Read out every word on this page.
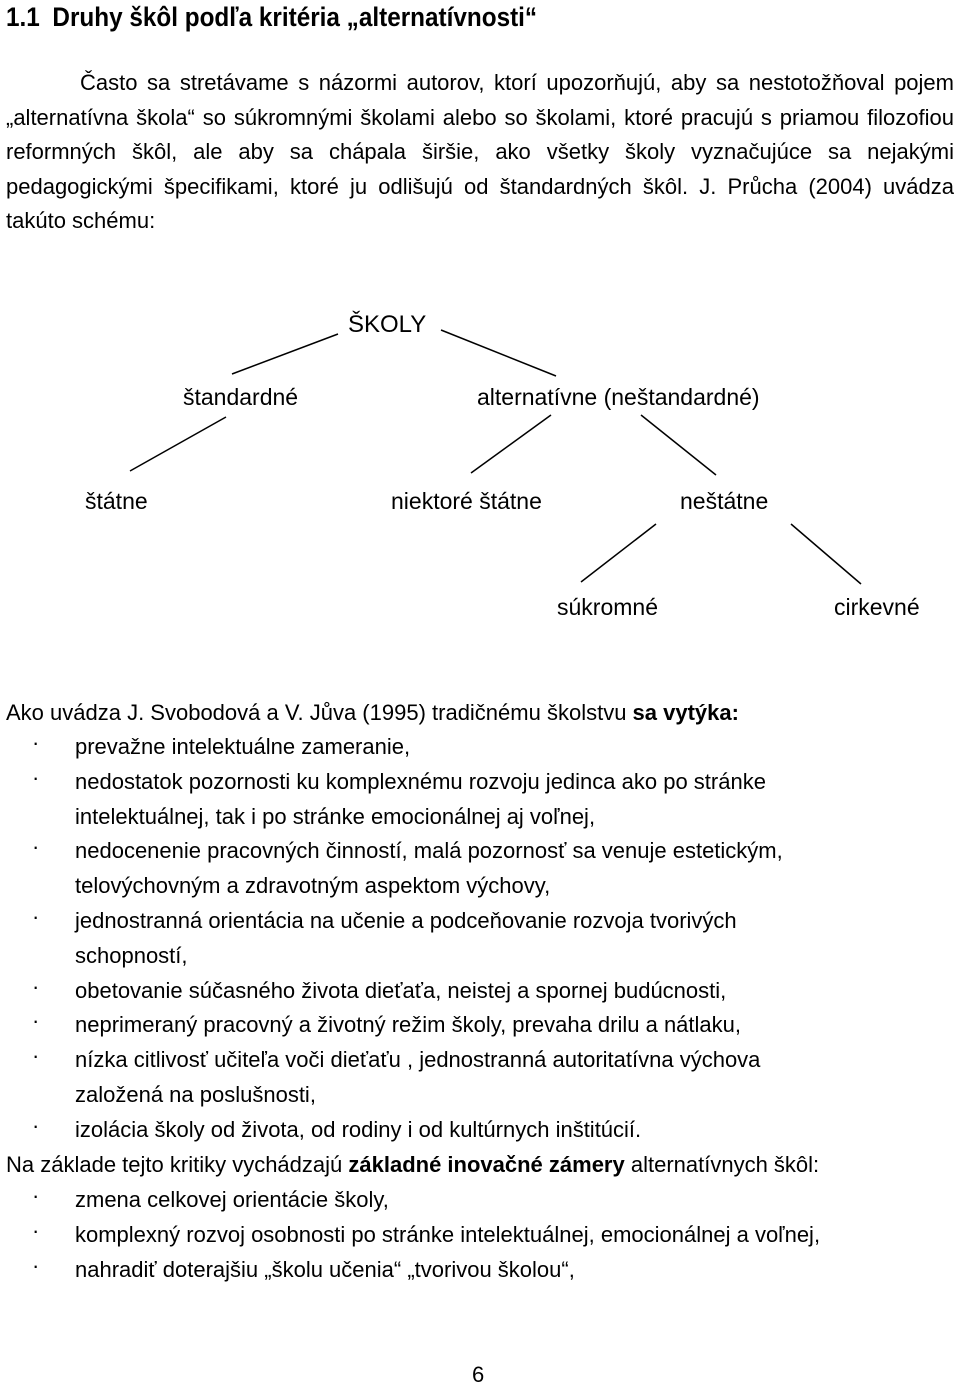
1.1 Druhy škôl podľa kritéria „alternatívnosti“

Často sa stretávame s názormi autorov, ktorí upozorňujú, aby sa nestotožňoval pojem „alternatívna škola“ so súkromnými školami alebo so školami, ktoré pracujú s priamou filozofiou reformných škôl, ale aby sa chápala širšie, ako všetky školy vyznačujúce sa nejakými pedagogickými špecifikami, ktoré ju odlišujú od štandardných škôl. J. Průcha (2004) uvádza takúto schému:

ŠKOLY
štandardné	alternatívne (neštandardné)
štátne	niektoré štátne	neštátne
súkromné	cirkevné
Ako uvádza J. Svobodová a V. Jůva (1995) tradičnému školstvu sa vytýka:
· prevažne intelektuálne zameranie,
· nedostatok pozornosti ku komplexnému rozvoju jedinca ako po stránke
intelektuálnej, tak i po stránke emocionálnej aj voľnej,
· nedocenenie pracovných činností, malá pozornosť sa venuje estetickým,
telovýchovným a zdravotným aspektom výchovy,
· jednostranná orientácia na učenie a podceňovanie rozvoja tvorivých
schopností,
· obetovanie súčasného života dieťaťa, neistej a spornej budúcnosti,
· neprimeraný pracovný a životný režim školy, prevaha drilu a nátlaku,
· nízka citlivosť učiteľa voči dieťaťu , jednostranná autoritatívna výchova
založená na poslušnosti,
· izolácia školy od života, od rodiny i od kultúrnych inštitúcií.
Na základe tejto kritiky vychádzajú základné inovačné zámery alternatívnych škôl:
· zmena celkovej orientácie školy,
· komplexný rozvoj osobnosti po stránke intelektuálnej, emocionálnej a voľnej,
· nahradiť doterajšiu „školu učenia“ „tvorivou školou“,
6
